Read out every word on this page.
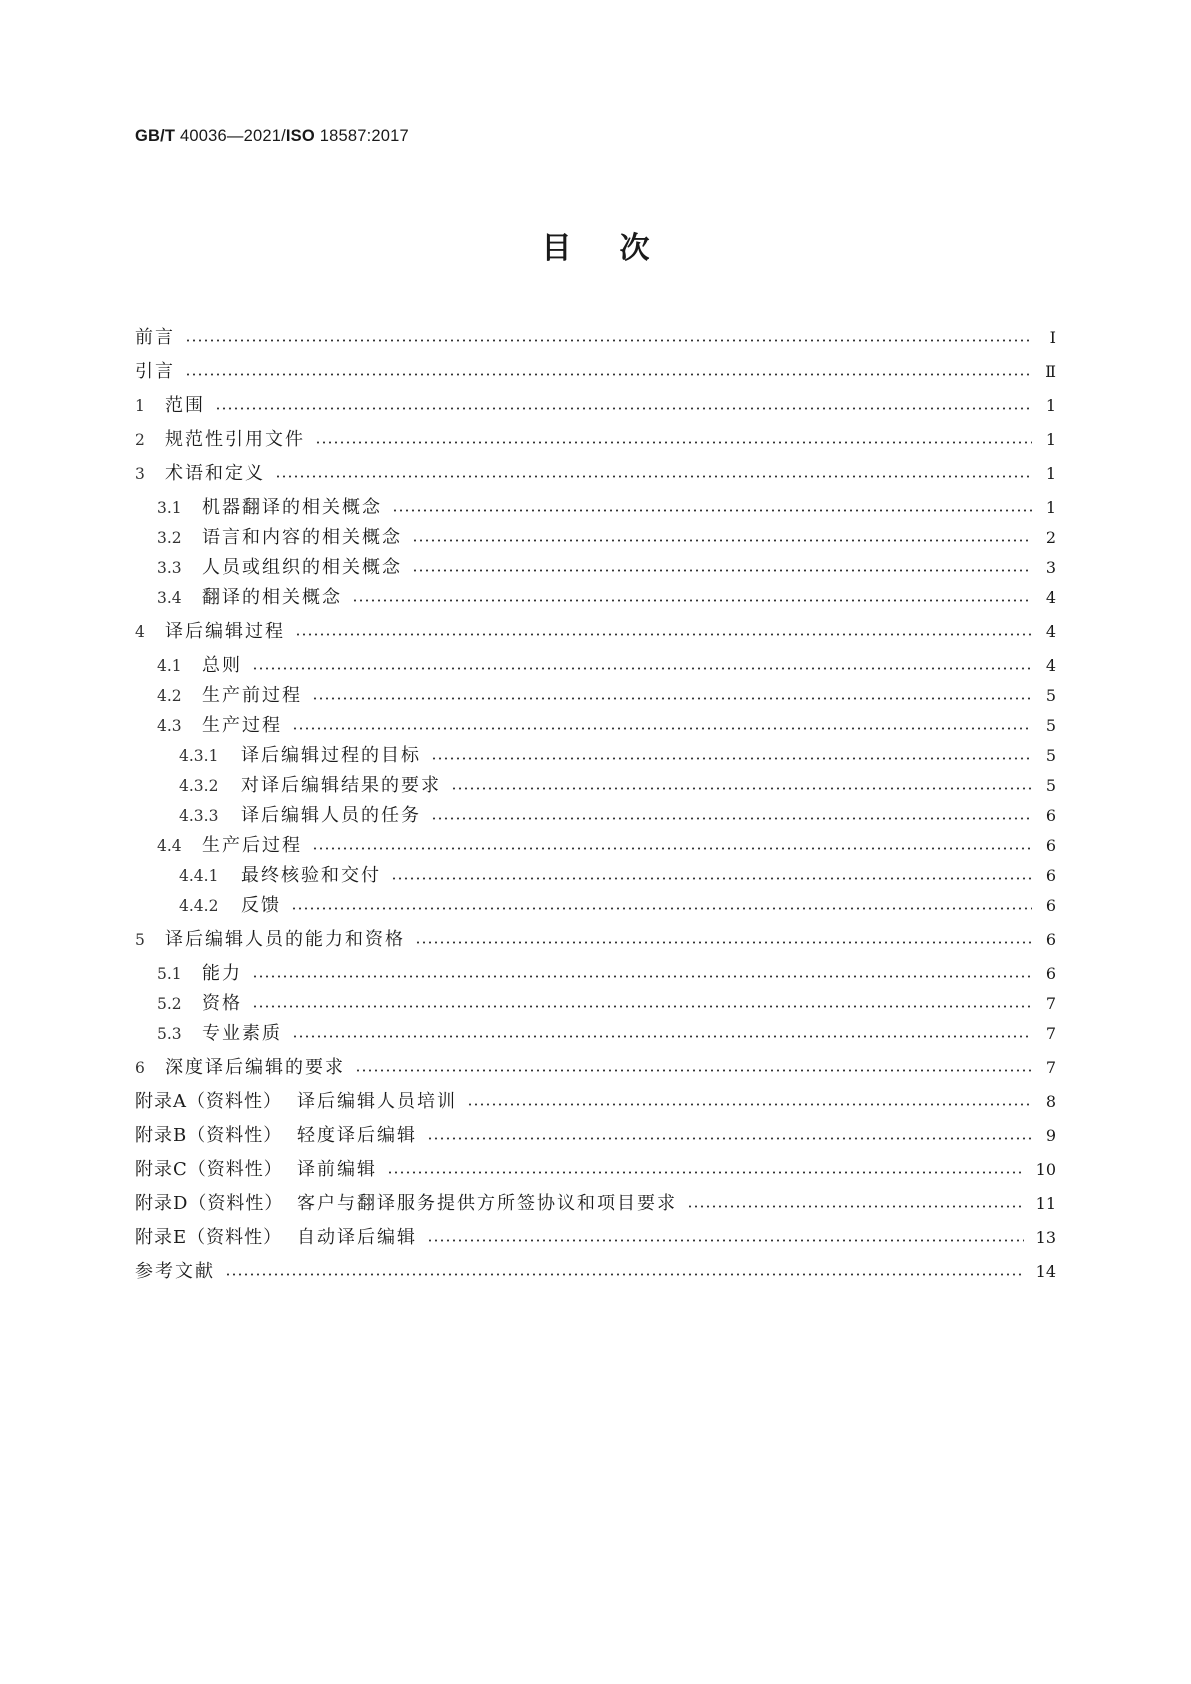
GB/T 40036—2021/ISO 18587:2017
目次
前言	Ⅰ
引言	Ⅱ
1	范围	1
2	规范性引用文件	1
3	术语和定义	1
3.1	机器翻译的相关概念	1
3.2	语言和内容的相关概念	2
3.3	人员或组织的相关概念	3
3.4	翻译的相关概念	4
4	译后编辑过程	4
4.1	总则	4
4.2	生产前过程	5
4.3	生产过程	5
4.3.1	译后编辑过程的目标	5
4.3.2	对译后编辑结果的要求	5
4.3.3	译后编辑人员的任务	6
4.4	生产后过程	6
4.4.1	最终核验和交付	6
4.4.2	反馈	6
5	译后编辑人员的能力和资格	6
5.1	能力	6
5.2	资格	7
5.3	专业素质	7
6	深度译后编辑的要求	7
附录A（资料性） 译后编辑人员培训	8
附录B（资料性） 轻度译后编辑	9
附录C（资料性） 译前编辑	10
附录D（资料性） 客户与翻译服务提供方所签协议和项目要求	11
附录E（资料性） 自动译后编辑	13
参考文献	14
